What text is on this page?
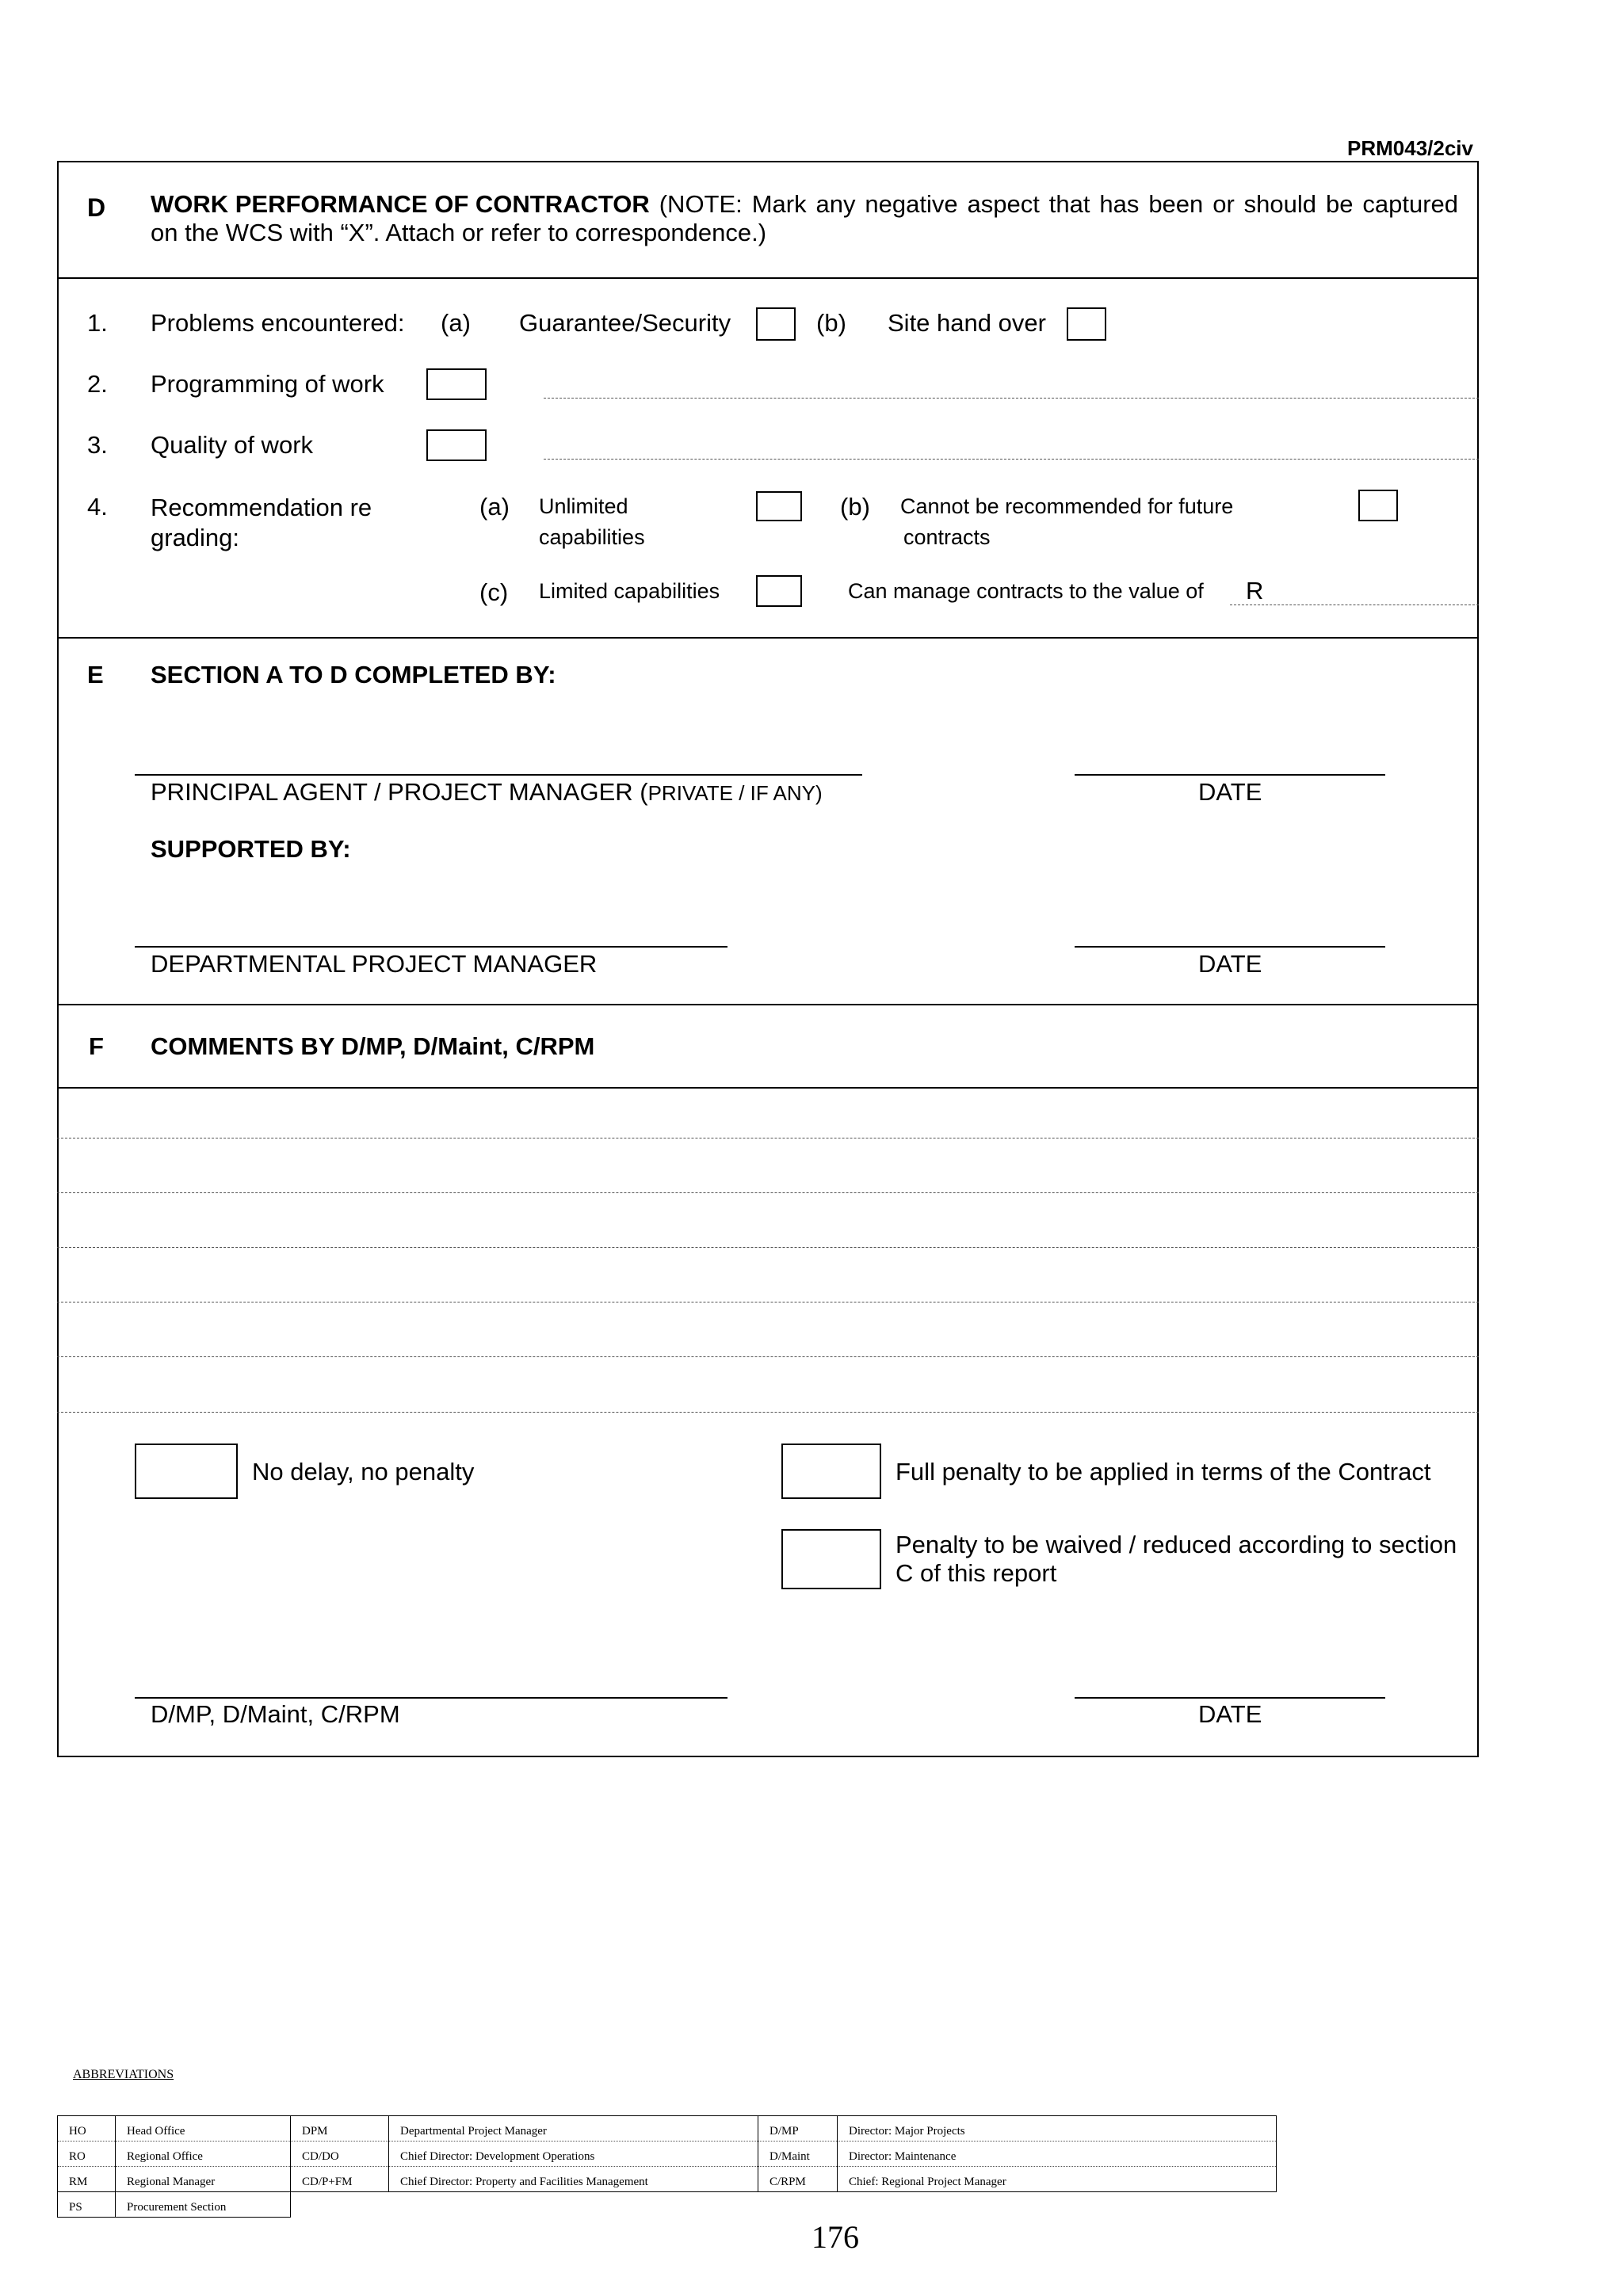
PRM043/2civ
D WORK PERFORMANCE OF CONTRACTOR (NOTE: Mark any negative aspect that has been or should be captured
on the WCS with “X”. Attach or refer to correspondence.)
1. Problems encountered: (a) Guarantee/Security	(b) Site hand over
2. Programming of work
3. Quality of work
4. Recommendation re
grading:
(a) Unlimited
capabilities
(b) Cannot be recommended for future
contracts
(c) Limited capabilities	Can manage contracts to the value of R
E SECTION A TO D COMPLETED BY:
PRINCIPAL AGENT / PROJECT MANAGER (PRIVATE / IF ANY)	DATE
SUPPORTED BY:
DEPARTMENTAL PROJECT MANAGER	DATE
F COMMENTS BY D/MP, D/Maint, C/RPM
No delay, no penalty	Full penalty to be applied in terms of the Contract
Penalty to be waived / reduced according to section
C of this report
D/MP, D/Maint, C/RPM	DATE
ABBREVIATIONS
HO	Head Office	DPM	Departmental Project Manager	D/MP	Director: Major Projects
RO	Regional Office	CD/DO	Chief Director: Development Operations	D/Maint	Director: Maintenance
RM	Regional Manager	CD/P+FM	Chief Director: Property and Facilities Management	C/RPM	Chief: Regional Project Manager
PS	Procurement Section				
176
